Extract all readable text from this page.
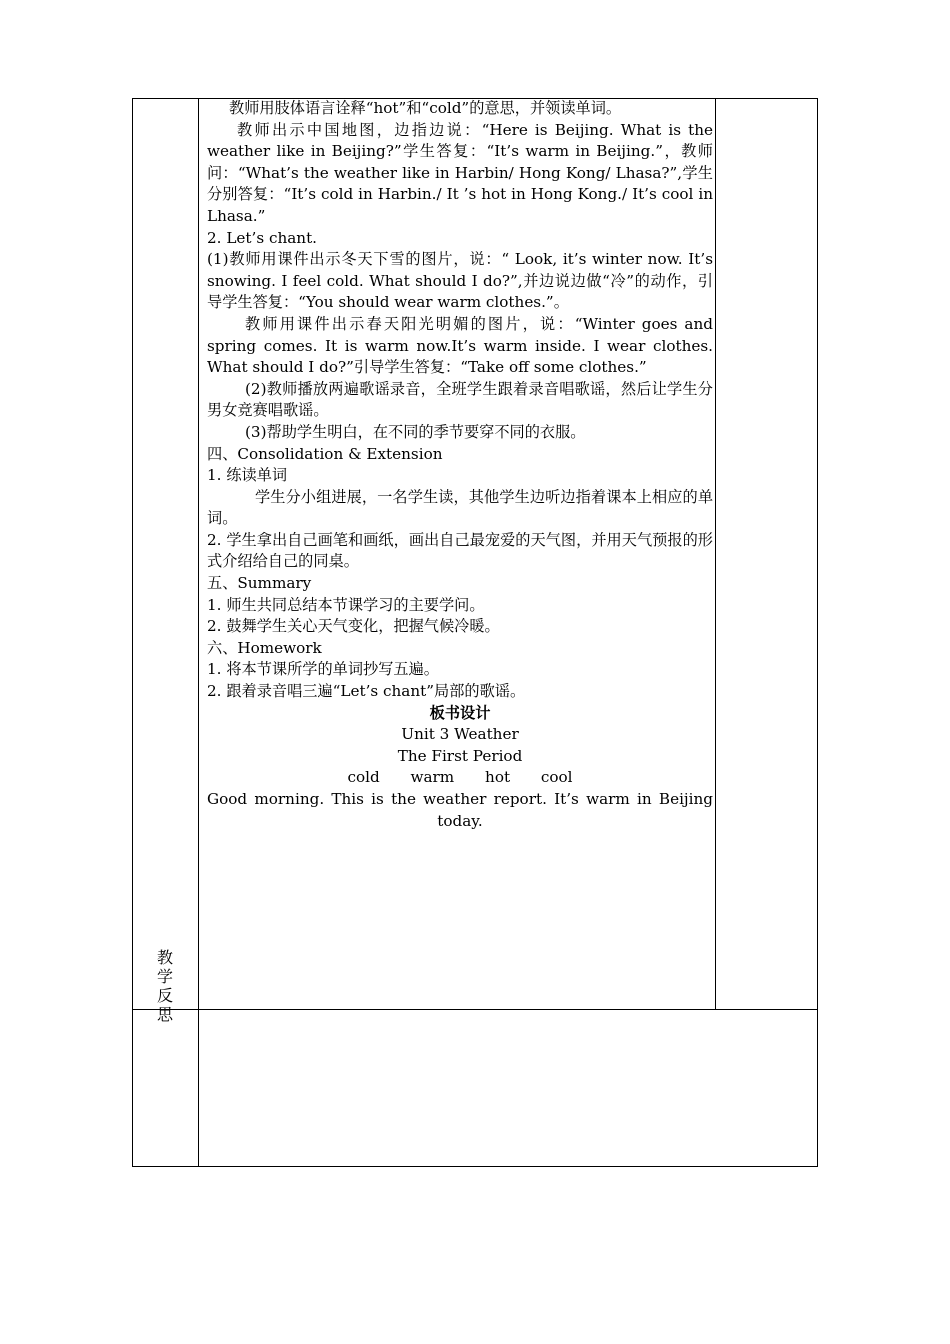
教
学
反
思

教师用肢体语言诠释“hot”和“cold”的意思，并领读单词。

教师出示中国地图，边指边说：“Here is Beijing. What is the weather like in Beijing?”学生答复：“It’s warm in Beijing.”，教师问：“What’s the weather like in Harbin/ Hong Kong/ Lhasa?”,学生分别答复：“It’s cold in Harbin./ It ’s hot in Hong Kong./ It’s cool in Lhasa.”

2. Let’s chant.

(1)教师用课件出示冬天下雪的图片，说：“ Look, it’s winter now. It’s snowing. I feel cold. What should I do?”,并边说边做“冷”的动作，引导学生答复：“You should wear warm clothes.”。

教师用课件出示春天阳光明媚的图片，说：“Winter goes and spring comes. It is warm now.It’s warm inside. I wear clothes. What should I do?”引导学生答复：“Take off some clothes.”

(2)教师播放两遍歌谣录音，全班学生跟着录音唱歌谣，然后让学生分男女竞赛唱歌谣。

(3)帮助学生明白，在不同的季节要穿不同的衣服。

四、Consolidation & Extension

1. 练读单词

学生分小组进展，一名学生读，其他学生边听边指着课本上相应的单词。

2. 学生拿出自己画笔和画纸，画出自己最宠爱的天气图，并用天气预报的形式介绍给自己的同桌。

五、Summary

1. 师生共同总结本节课学习的主要学问。

2. 鼓舞学生关心天气变化，把握气候冷暖。

六、Homework

1. 将本节课所学的单词抄写五遍。

2. 跟着录音唱三遍“Let’s chant”局部的歌谣。

板书设计

Unit 3 Weather

The First Period

cold warm hot cool

Good morning. This is the weather report. It’s warm in Beijing today.
